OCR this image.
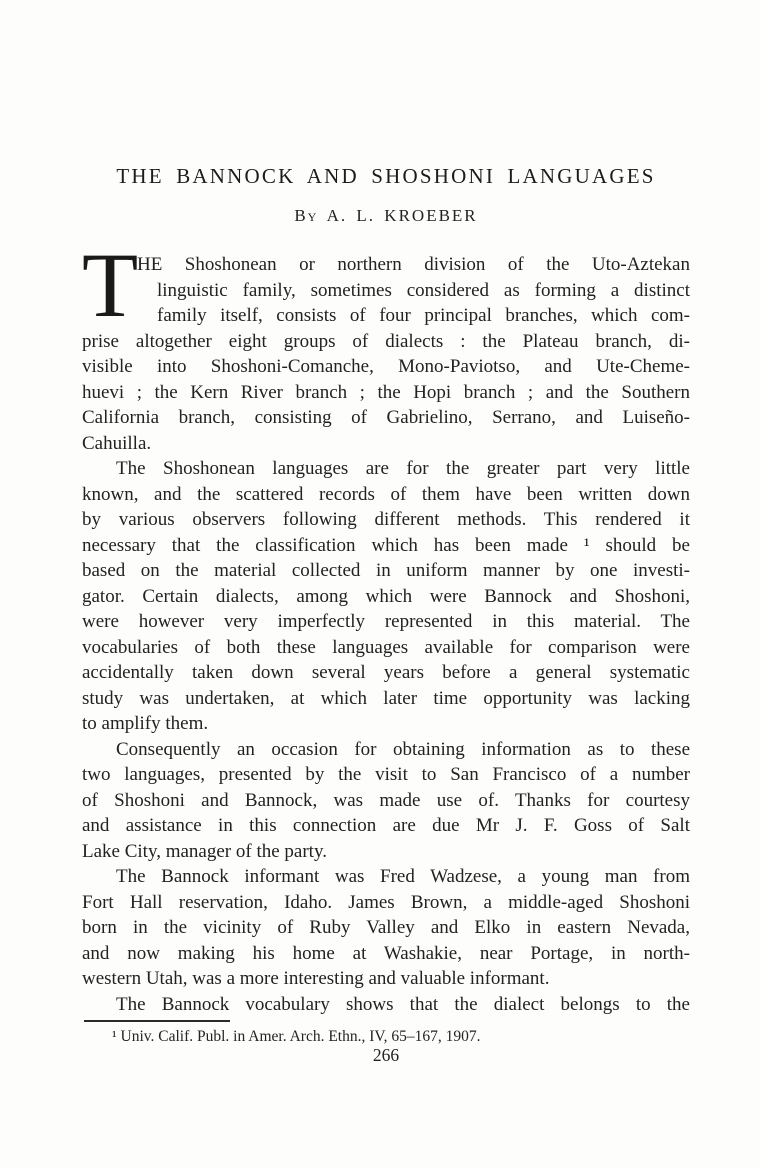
THE BANNOCK AND SHOSHONI LANGUAGES
By A. L. KROEBER
T
HE Shoshonean or northern division of the Uto-Aztekan
linguistic family, sometimes considered as forming a distinct
family itself, consists of four principal branches, which com-
prise altogether eight groups of dialects : the Plateau branch, di-
visible into Shoshoni-Comanche, Mono-Paviotso, and Ute-Cheme-
huevi ; the Kern River branch ; the Hopi branch ; and the Southern
California branch, consisting of Gabrielino, Serrano, and Luiseño-
Cahuilla.
The Shoshonean languages are for the greater part very little
known, and the scattered records of them have been written down
by various observers following different methods. This rendered it
necessary that the classification which has been made ¹ should be
based on the material collected in uniform manner by one investi-
gator. Certain dialects, among which were Bannock and Shoshoni,
were however very imperfectly represented in this material. The
vocabularies of both these languages available for comparison were
accidentally taken down several years before a general systematic
study was undertaken, at which later time opportunity was lacking
to amplify them.
Consequently an occasion for obtaining information as to these
two languages, presented by the visit to San Francisco of a number
of Shoshoni and Bannock, was made use of. Thanks for courtesy
and assistance in this connection are due Mr J. F. Goss of Salt
Lake City, manager of the party.
The Bannock informant was Fred Wadzese, a young man from
Fort Hall reservation, Idaho. James Brown, a middle-aged Shoshoni
born in the vicinity of Ruby Valley and Elko in eastern Nevada,
and now making his home at Washakie, near Portage, in north-
western Utah, was a more interesting and valuable informant.
The Bannock vocabulary shows that the dialect belongs to the
¹ Univ. Calif. Publ. in Amer. Arch. Ethn., IV, 65–167, 1907.
266
